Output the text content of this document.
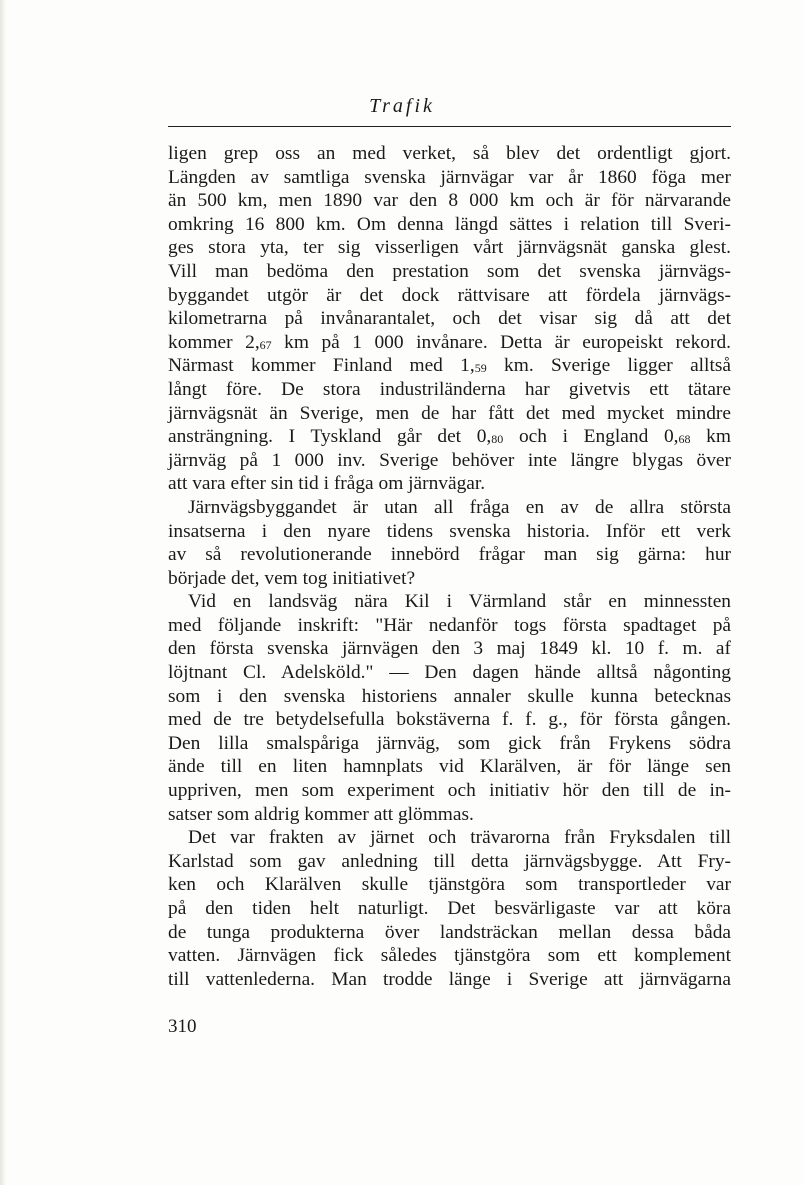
Trafik
ligen grep oss an med verket, så blev det ordentligt gjort.
Längden av samtliga svenska järnvägar var år 1860 föga mer
än 500 km, men 1890 var den 8 000 km och är för närvarande
omkring 16 800 km. Om denna längd sättes i relation till Sveri-
ges stora yta, ter sig visserligen vårt järnvägsnät ganska glest.
Vill man bedöma den prestation som det svenska järnvägs-
byggandet utgör är det dock rättvisare att fördela järnvägs-
kilometrarna på invånarantalet, och det visar sig då att det
kommer 2,67 km på 1 000 invånare. Detta är europeiskt rekord.
Närmast kommer Finland med 1,59 km. Sverige ligger alltså
långt före. De stora industriländerna har givetvis ett tätare
järnvägsnät än Sverige, men de har fått det med mycket mindre
ansträngning. I Tyskland går det 0,80 och i England 0,68 km
järnväg på 1 000 inv. Sverige behöver inte längre blygas över
att vara efter sin tid i fråga om järnvägar.
Järnvägsbyggandet är utan all fråga en av de allra största
insatserna i den nyare tidens svenska historia. Inför ett verk
av så revolutionerande innebörd frågar man sig gärna: hur
började det, vem tog initiativet?
Vid en landsväg nära Kil i Värmland står en minnessten
med följande inskrift: "Här nedanför togs första spadtaget på
den första svenska järnvägen den 3 maj 1849 kl. 10 f. m. af
löjtnant Cl. Adelsköld." — Den dagen hände alltså någonting
som i den svenska historiens annaler skulle kunna betecknas
med de tre betydelsefulla bokstäverna f. f. g., för första gången.
Den lilla smalspåriga järnväg, som gick från Frykens södra
ände till en liten hamnplats vid Klarälven, är för länge sen
uppriven, men som experiment och initiativ hör den till de in-
satser som aldrig kommer att glömmas.
Det var frakten av järnet och trävarorna från Fryksdalen till
Karlstad som gav anledning till detta järnvägsbygge. Att Fry-
ken och Klarälven skulle tjänstgöra som transportleder var
på den tiden helt naturligt. Det besvärligaste var att köra
de tunga produkterna över landsträckan mellan dessa båda
vatten. Järnvägen fick således tjänstgöra som ett komplement
till vattenlederna. Man trodde länge i Sverige att järnvägarna
310
